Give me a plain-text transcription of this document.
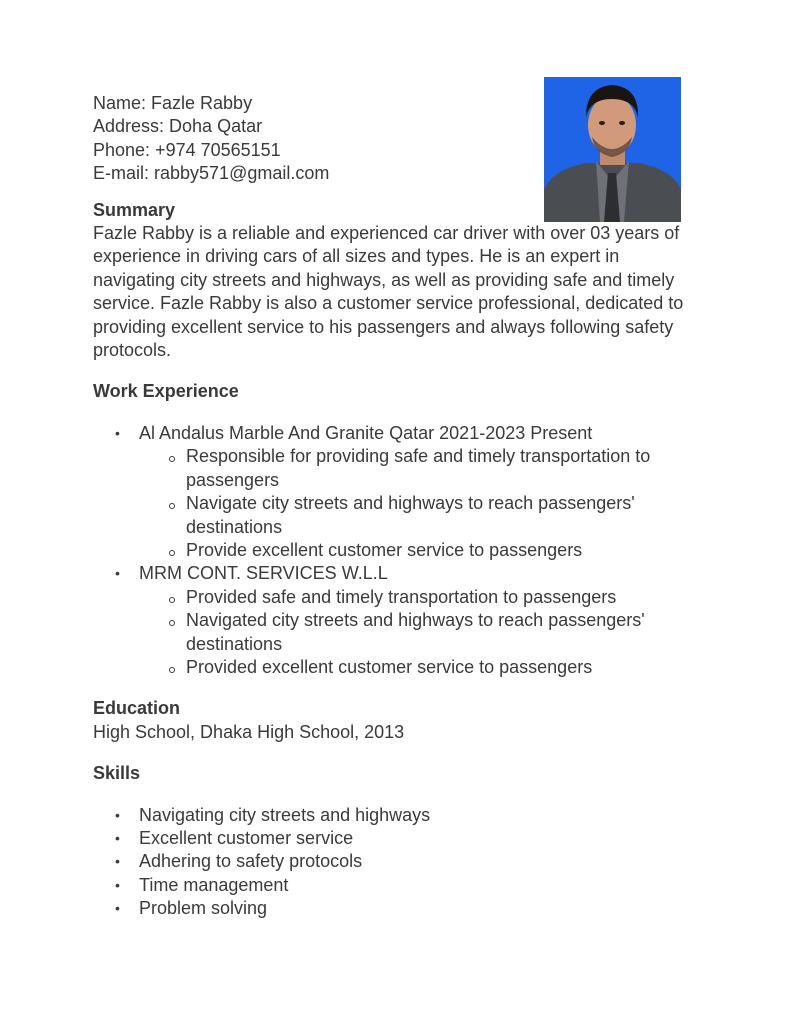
Name: Fazle Rabby
Address: Doha Qatar
Phone: +974 70565151
E-mail: rabby571@gmail.com
Summary

Fazle Rabby is a reliable and experienced car driver with over 03 years of experience in driving cars of all sizes and types. He is an expert in navigating city streets and highways, as well as providing safe and timely service. Fazle Rabby is also a customer service professional, dedicated to providing excellent service to his passengers and always following safety protocols.

Work Experience
• Al Andalus Marble And Granite Qatar 2021-2023 Present
Responsible for providing safe and timely transportation to passengers
Navigate city streets and highways to reach passengers' destinations
Provide excellent customer service to passengers
• MRM CONT. SERVICES W.L.L
Provided safe and timely transportation to passengers
Navigated city streets and highways to reach passengers' destinations
Provided excellent customer service to passengers
Education
High School, Dhaka High School, 2013
Skills
• Navigating city streets and highways
• Excellent customer service
• Adhering to safety protocols
• Time management
• Problem solving
